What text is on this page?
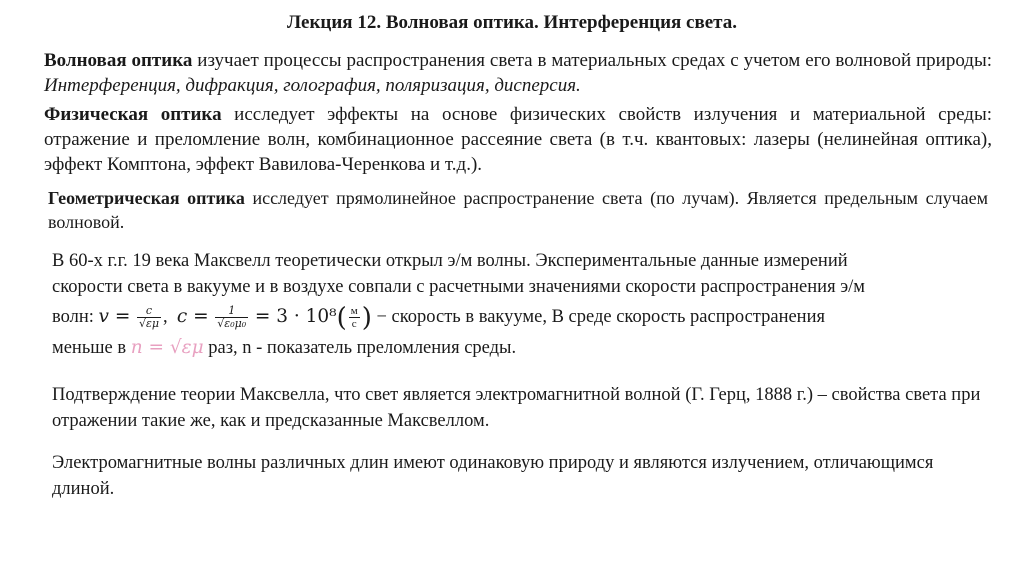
Лекция 12. Волновая оптика. Интерференция света.
Волновая оптика изучает процессы распространения света в материальных средах с учетом его волновой природы: Интерференция, дифракция, голография, поляризация, дисперсия.
Физическая оптика исследует эффекты на основе физических свойств излучения и материальной среды: отражение и преломление волн, комбинационное рассеяние света (в т.ч. квантовых: лазеры (нелинейная оптика), эффект Комптона, эффект Вавилова-Черенкова и т.д.).
Геометрическая оптика исследует прямолинейное распространение света (по лучам). Является предельным случаем волновой.
В 60-х г.г. 19 века Максвелл теоретически открыл э/м волны. Экспериментальные данные измерений
скорости света в вакууме и в воздухе совпали с расчетными значениями скорости распространения э/м
волн: $v = \frac{c}{√\varepsilon\mu}$ , $c = \frac{1}{\text{√ε₀μ₀}} = 3 \cdot 10^8( \frac{м}{с}$ ) − скорость в вакууме, В среде скорость распространения
меньше в n = √εμ раз, n - показатель преломления среды.
Подтверждение теории Максвелла, что свет является электромагнитной волной (Г. Герц, 1888 г.) – свойства света при отражении такие же, как и предсказанные Максвеллом.
Электромагнитные волны различных длин имеют одинаковую природу и являются излучением, отличающимся длиной.
